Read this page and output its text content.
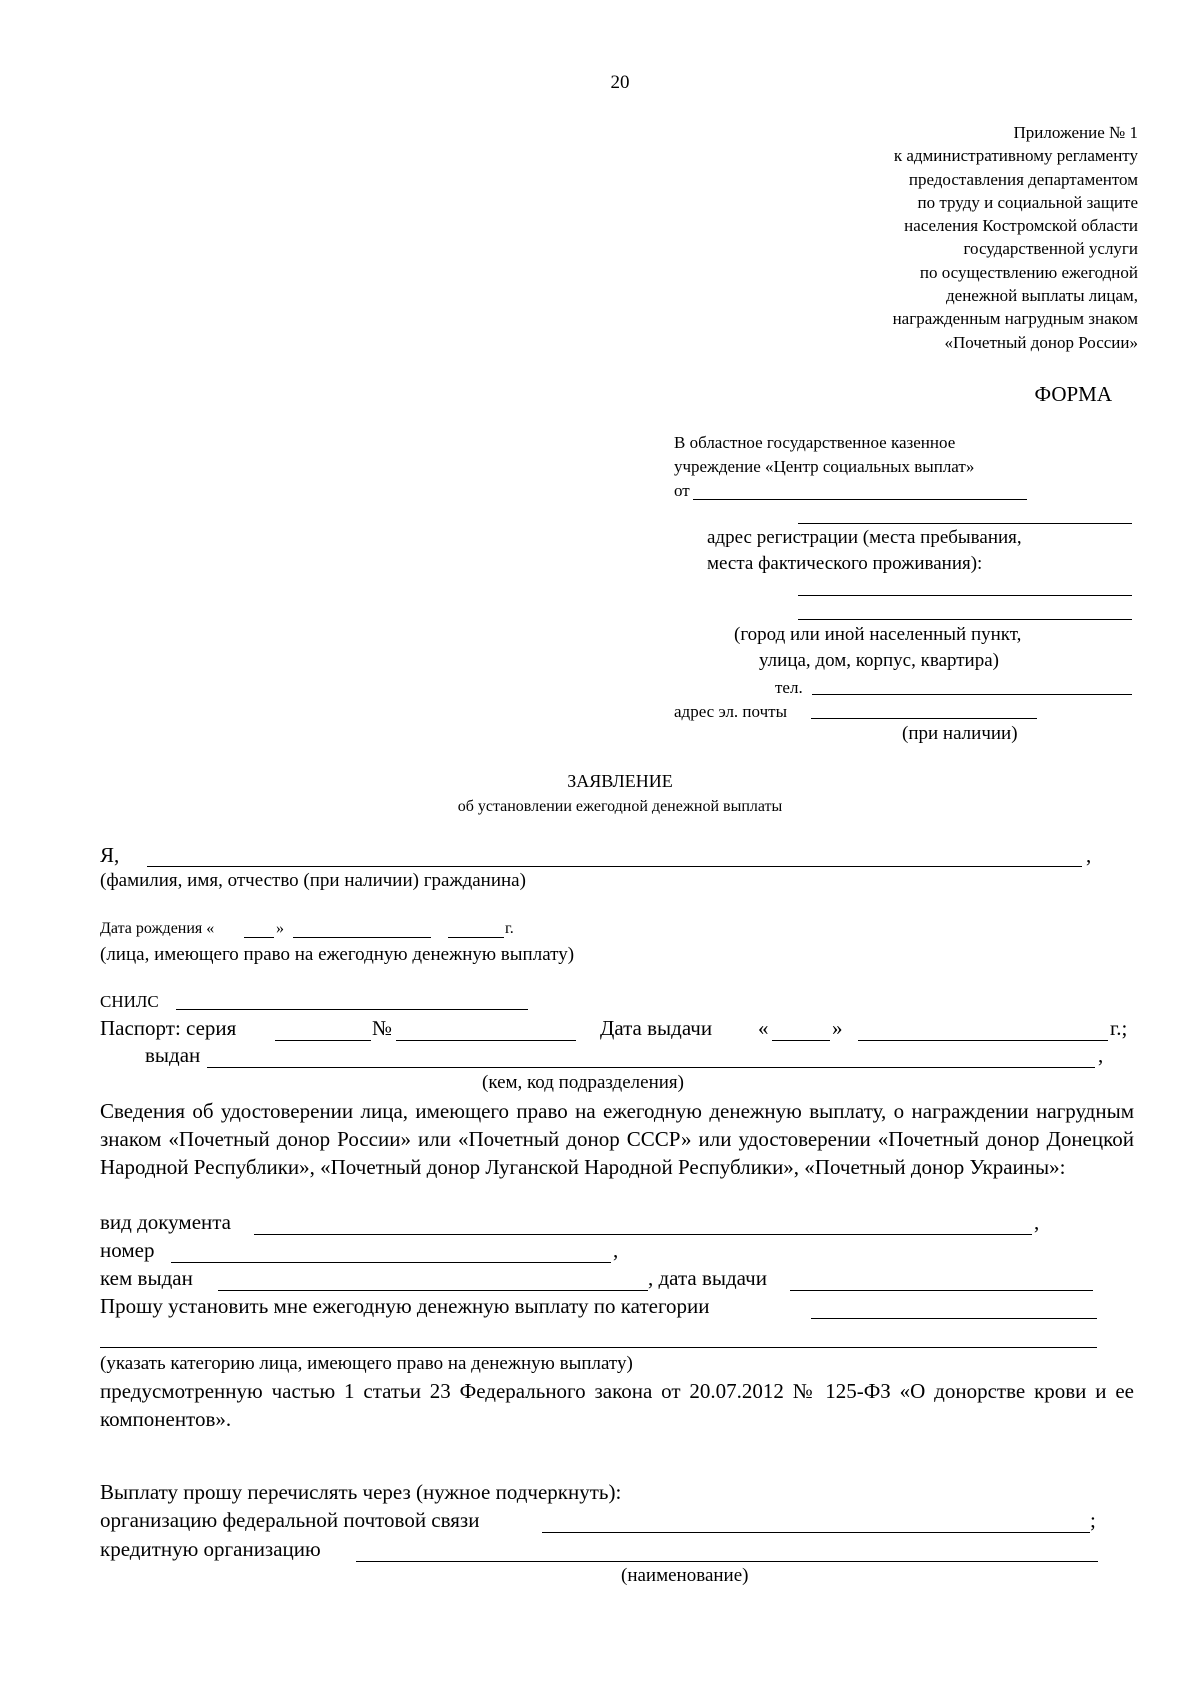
20
Приложение № 1
к административному регламенту
предоставления департаментом
по труду и социальной защите
населения Костромской области
государственной услуги
по осуществлению ежегодной
денежной выплаты лицам,
награжденным нагрудным знаком
«Почетный донор России»
ФОРМА
В областное государственное казенное
учреждение «Центр социальных выплат»
от
адрес регистрации (места пребывания,
места фактического проживания):
(город или иной населенный пункт,
улица, дом, корпус, квартира)
тел.
адрес эл. почты
(при наличии)
ЗАЯВЛЕНИЕ
об установлении ежегодной денежной выплаты
Я,	,
(фамилия, имя, отчество (при наличии) гражданина)
Дата рождения «	»	г.
(лица, имеющего право на ежегодную денежную выплату)
СНИЛС
Паспорт: серия	№	Дата выдачи «	»	г.;
выдан	,
(кем, код подразделения)
Сведения об удостоверении лица, имеющего право на ежегодную денежную выплату, о награждении нагрудным знаком «Почетный донор России» или «Почетный донор СССР» или удостоверении «Почетный донор Донецкой Народной Республики», «Почетный донор Луганской Народной Республики», «Почетный донор Украины»:
вид документа	,
номер	,
кем выдан	, дата выдачи
Прошу установить мне ежегодную денежную выплату по категории
(указать категорию лица, имеющего право на денежную выплату)
предусмотренную частью 1 статьи 23 Федерального закона от 20.07.2012 № 125-ФЗ «О донорстве крови и ее компонентов».
Выплату прошу перечислять через (нужное подчеркнуть):
организацию федеральной почтовой связи	;
кредитную организацию
(наименование)
